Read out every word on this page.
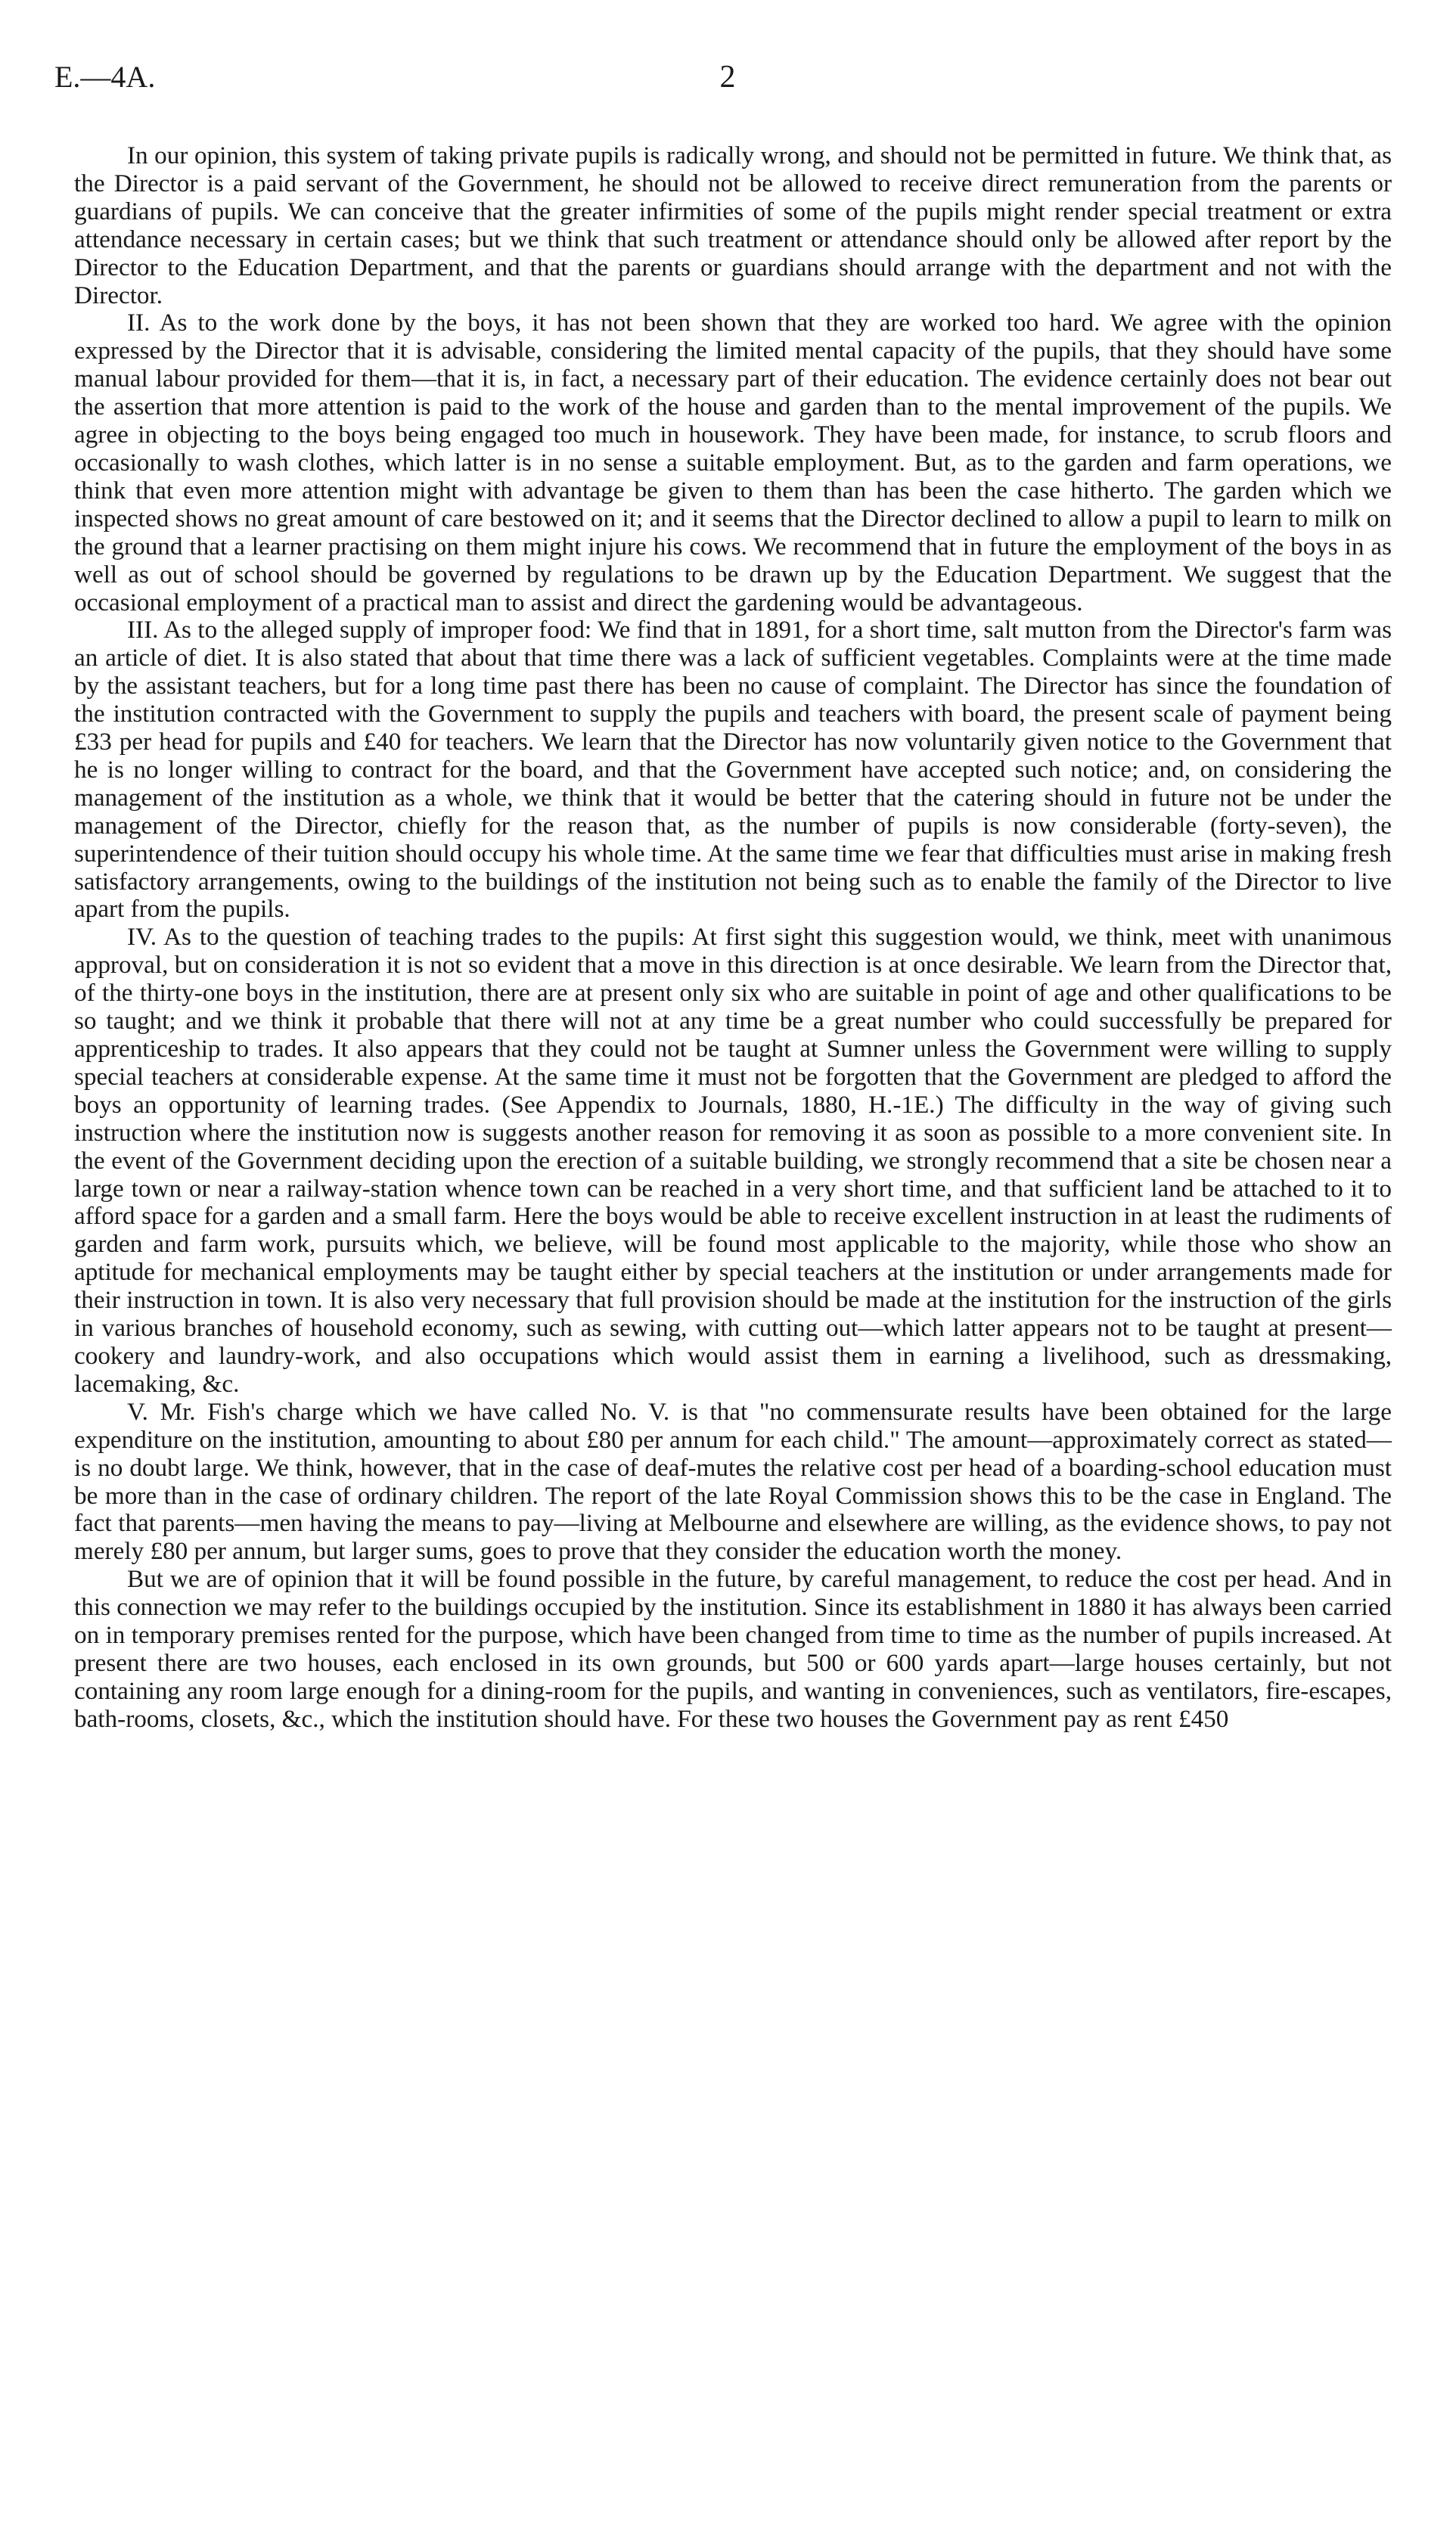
E.—4A.	2

In our opinion, this system of taking private pupils is radically wrong, and should not be permitted in future. We think that, as the Director is a paid servant of the Government, he should not be allowed to receive direct remuneration from the parents or guardians of pupils. We can conceive that the greater infirmities of some of the pupils might render special treatment or extra attendance necessary in certain cases; but we think that such treatment or attendance should only be allowed after report by the Director to the Education Department, and that the parents or guardians should arrange with the department and not with the Director.

II. As to the work done by the boys, it has not been shown that they are worked too hard. We agree with the opinion expressed by the Director that it is advisable, considering the limited mental capacity of the pupils, that they should have some manual labour provided for them—that it is, in fact, a necessary part of their education. The evidence certainly does not bear out the assertion that more attention is paid to the work of the house and garden than to the mental improvement of the pupils. We agree in objecting to the boys being engaged too much in housework. They have been made, for instance, to scrub floors and occasionally to wash clothes, which latter is in no sense a suitable employment. But, as to the garden and farm operations, we think that even more attention might with advantage be given to them than has been the case hitherto. The garden which we inspected shows no great amount of care bestowed on it; and it seems that the Director declined to allow a pupil to learn to milk on the ground that a learner practising on them might injure his cows. We recommend that in future the employment of the boys in as well as out of school should be governed by regulations to be drawn up by the Education Department. We suggest that the occasional employment of a practical man to assist and direct the gardening would be advantageous.

III. As to the alleged supply of improper food: We find that in 1891, for a short time, salt mutton from the Director's farm was an article of diet. It is also stated that about that time there was a lack of sufficient vegetables. Complaints were at the time made by the assistant teachers, but for a long time past there has been no cause of complaint. The Director has since the foundation of the institution contracted with the Government to supply the pupils and teachers with board, the present scale of payment being £33 per head for pupils and £40 for teachers. We learn that the Director has now voluntarily given notice to the Government that he is no longer willing to contract for the board, and that the Government have accepted such notice; and, on considering the management of the institution as a whole, we think that it would be better that the catering should in future not be under the management of the Director, chiefly for the reason that, as the number of pupils is now considerable (forty-seven), the superintendence of their tuition should occupy his whole time. At the same time we fear that difficulties must arise in making fresh satisfactory arrangements, owing to the buildings of the institution not being such as to enable the family of the Director to live apart from the pupils.

IV. As to the question of teaching trades to the pupils: At first sight this suggestion would, we think, meet with unanimous approval, but on consideration it is not so evident that a move in this direction is at once desirable. We learn from the Director that, of the thirty-one boys in the institution, there are at present only six who are suitable in point of age and other qualifications to be so taught; and we think it probable that there will not at any time be a great number who could successfully be prepared for apprenticeship to trades. It also appears that they could not be taught at Sumner unless the Government were willing to supply special teachers at considerable expense. At the same time it must not be forgotten that the Government are pledged to afford the boys an opportunity of learning trades. (See Appendix to Journals, 1880, H.-1E.) The difficulty in the way of giving such instruction where the institution now is suggests another reason for removing it as soon as possible to a more convenient site. In the event of the Government deciding upon the erection of a suitable building, we strongly recommend that a site be chosen near a large town or near a railway-station whence town can be reached in a very short time, and that sufficient land be attached to it to afford space for a garden and a small farm. Here the boys would be able to receive excellent instruction in at least the rudiments of garden and farm work, pursuits which, we believe, will be found most applicable to the majority, while those who show an aptitude for mechanical employments may be taught either by special teachers at the institution or under arrangements made for their instruction in town. It is also very necessary that full provision should be made at the institution for the instruction of the girls in various branches of household economy, such as sewing, with cutting out—which latter appears not to be taught at present—cookery and laundry-work, and also occupations which would assist them in earning a livelihood, such as dressmaking, lacemaking, &c.

V. Mr. Fish's charge which we have called No. V. is that "no commensurate results have been obtained for the large expenditure on the institution, amounting to about £80 per annum for each child." The amount—approximately correct as stated—is no doubt large. We think, however, that in the case of deaf-mutes the relative cost per head of a boarding-school education must be more than in the case of ordinary children. The report of the late Royal Commission shows this to be the case in England. The fact that parents—men having the means to pay—living at Melbourne and elsewhere are willing, as the evidence shows, to pay not merely £80 per annum, but larger sums, goes to prove that they consider the education worth the money.

But we are of opinion that it will be found possible in the future, by careful management, to reduce the cost per head. And in this connection we may refer to the buildings occupied by the institution. Since its establishment in 1880 it has always been carried on in temporary premises rented for the purpose, which have been changed from time to time as the number of pupils increased. At present there are two houses, each enclosed in its own grounds, but 500 or 600 yards apart—large houses certainly, but not containing any room large enough for a dining-room for the pupils, and wanting in conveniences, such as ventilators, fire-escapes, bath-rooms, closets, &c., which the institution should have. For these two houses the Government pay as rent £450
